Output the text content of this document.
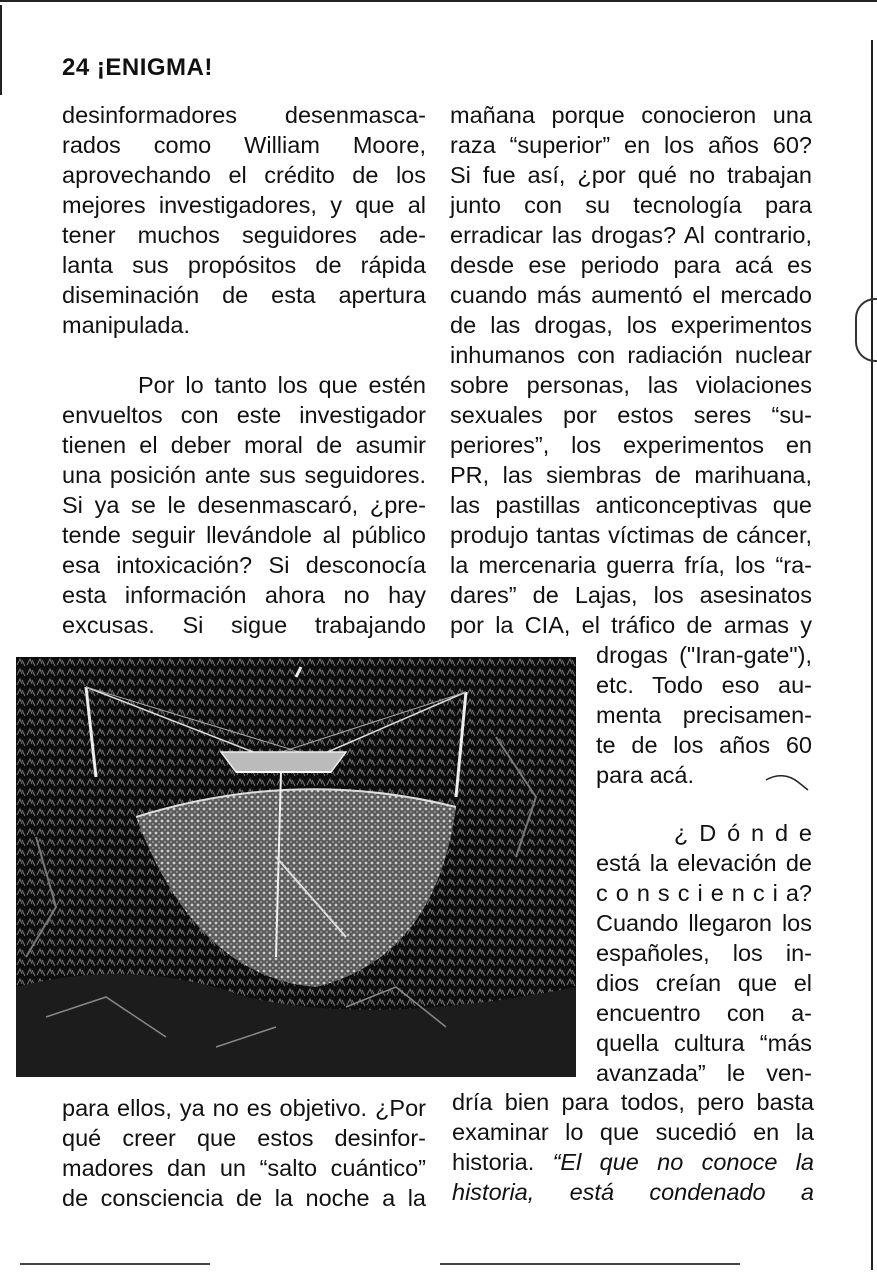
24 ¡ENIGMA!
desinformadores desenmasca-
rados como William Moore,
aprovechando el crédito de los
mejores investigadores, y que al
tener muchos seguidores ade-
lanta sus propósitos de rápida
diseminación de esta apertura
manipulada.
Por lo tanto los que estén
envueltos con este investigador
tienen el deber moral de asumir
una posición ante sus seguidores.
Si ya se le desenmascaró, ¿pre-
tende seguir llevándole al público
esa intoxicación? Si desconocía
esta información ahora no hay
excusas. Si sigue trabajando
mañana porque conocieron una
raza “superior” en los años 60?
Si fue así, ¿por qué no trabajan
junto con su tecnología para
erradicar las drogas? Al contrario,
desde ese periodo para acá es
cuando más aumentó el mercado
de las drogas, los experimentos
inhumanos con radiación nuclear
sobre personas, las violaciones
sexuales por estos seres “su-
periores”, los experimentos en
PR, las siembras de marihuana,
las pastillas anticonceptivas que
produjo tantas víctimas de cáncer,
la mercenaria guerra fría, los “ra-
dares” de Lajas, los asesinatos
por la CIA, el tráfico de armas y
drogas ("Iran-gate"),
etc. Todo eso au-
menta precisamen-
te de los años 60
para acá.
¿ D ó n d e
está la elevación de
c o n s c i e n c i a?
Cuando llegaron los
españoles, los in-
dios creían que el
encuentro con a-
quella cultura “más
avanzada” le ven-
para ellos, ya no es objetivo. ¿Por
qué creer que estos desinfor-
madores dan un “salto cuántico”
de consciencia de la noche a la
dría bien para todos, pero basta
examinar lo que sucedió en la
historia. “El que no conoce la
historia, está condenado a
